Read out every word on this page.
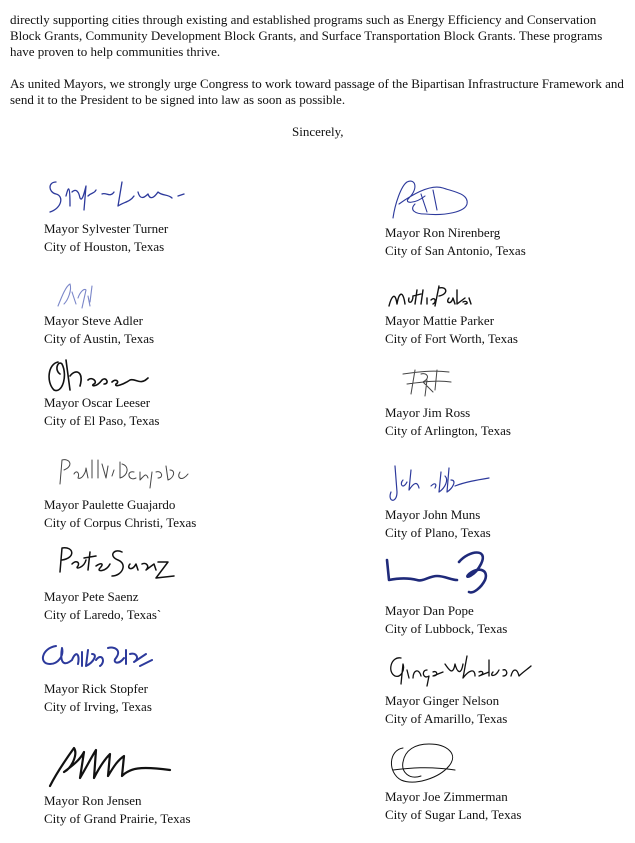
directly supporting cities through existing and established programs such as Energy Efficiency and Conservation Block Grants, Community Development Block Grants, and Surface Transportation Block Grants. These programs have proven to help communities thrive.

As united Mayors, we strongly urge Congress to work toward passage of the Bipartisan Infrastructure Framework and send it to the President to be signed into law as soon as possible.

Sincerely,
Mayor Sylvester Turner
City of Houston, Texas
Mayor Steve Adler
City of Austin, Texas
Mayor Oscar Leeser
City of El Paso, Texas
Mayor Paulette Guajardo
City of Corpus Christi, Texas
Mayor Pete Saenz
City of Laredo, Texas`
Mayor Rick Stopfer
City of Irving, Texas
Mayor Ron Jensen
City of Grand Prairie, Texas
Mayor Ron Nirenberg
City of San Antonio, Texas
Mayor Mattie Parker
City of Fort Worth, Texas
Mayor Jim Ross
City of Arlington, Texas
Mayor John Muns
City of Plano, Texas
Mayor Dan Pope
City of Lubbock, Texas
Mayor Ginger Nelson
City of Amarillo, Texas
Mayor Joe Zimmerman
City of Sugar Land, Texas
